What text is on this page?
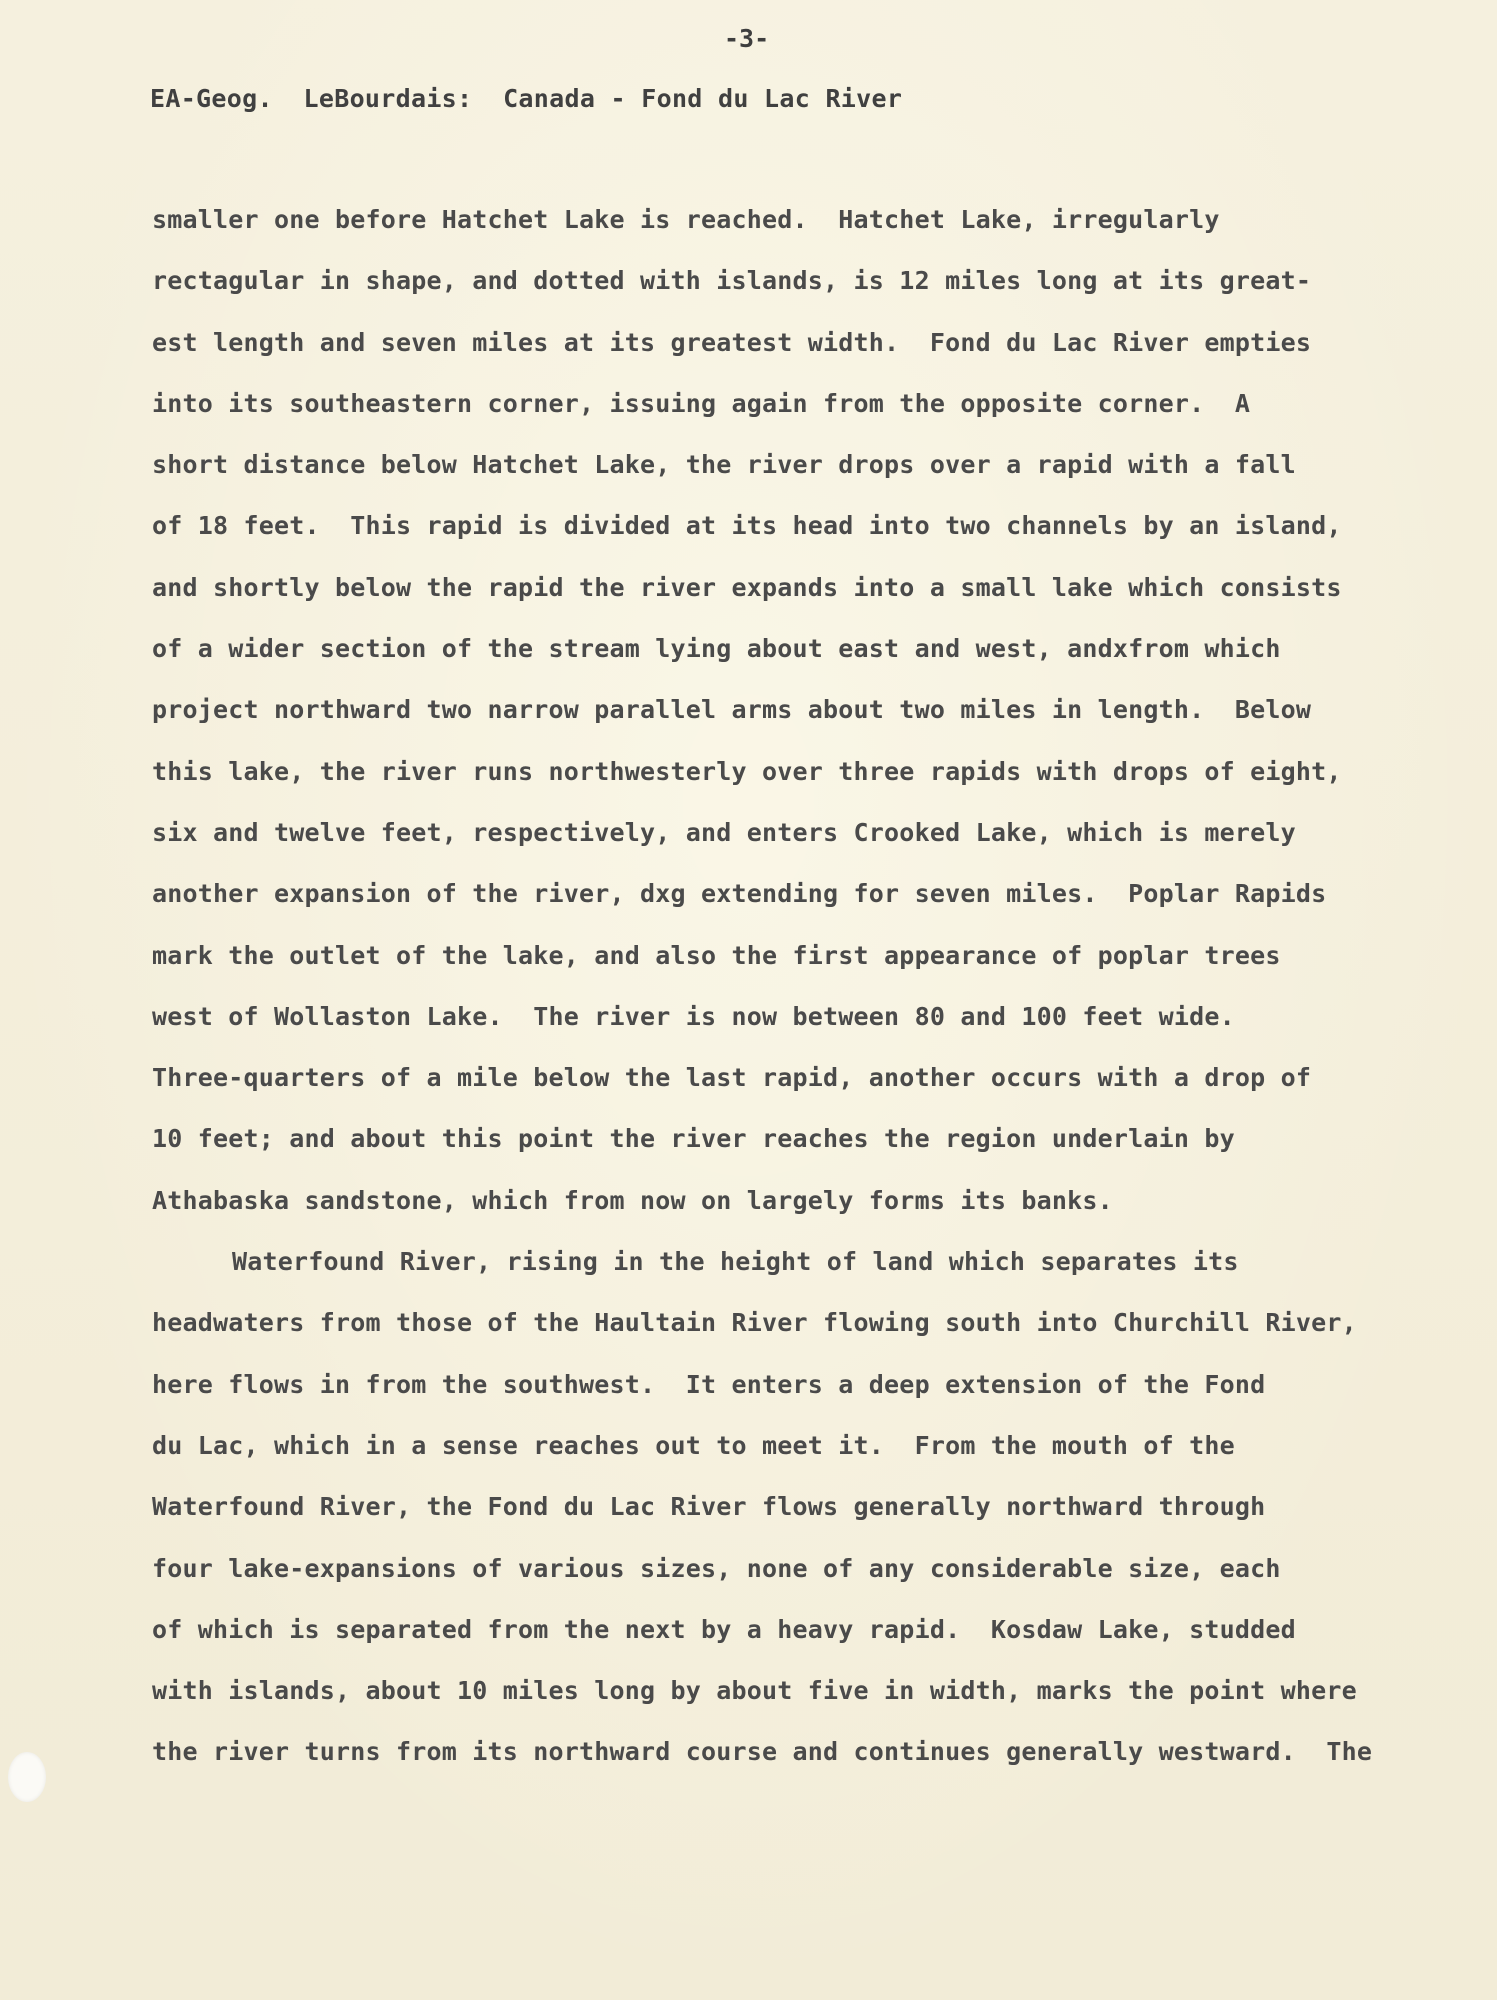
-3-
EA-Geog.  LeBourdais:  Canada - Fond du Lac River
smaller one before Hatchet Lake is reached.  Hatchet Lake, irregularly
rectagular in shape, and dotted with islands, is 12 miles long at its great-
est length and seven miles at its greatest width.  Fond du Lac River empties
into its southeastern corner, issuing again from the opposite corner.  A
short distance below Hatchet Lake, the river drops over a rapid with a fall
of 18 feet.  This rapid is divided at its head into two channels by an island,
and shortly below the rapid the river expands into a small lake which consists
of a wider section of the stream lying about east and west, andxfrom which
project northward two narrow parallel arms about two miles in length.  Below
this lake, the river runs northwesterly over three rapids with drops of eight,
six and twelve feet, respectively, and enters Crooked Lake, which is merely
another expansion of the river, dxg extending for seven miles.  Poplar Rapids
mark the outlet of the lake, and also the first appearance of poplar trees
west of Wollaston Lake.  The river is now between 80 and 100 feet wide.
Three-quarters of a mile below the last rapid, another occurs with a drop of
10 feet; and about this point the river reaches the region underlain by
Athabaska sandstone, which from now on largely forms its banks.
Waterfound River, rising in the height of land which separates its
headwaters from those of the Haultain River flowing south into Churchill River,
here flows in from the southwest.  It enters a deep extension of the Fond
du Lac, which in a sense reaches out to meet it.  From the mouth of the
Waterfound River, the Fond du Lac River flows generally northward through
four lake-expansions of various sizes, none of any considerable size, each
of which is separated from the next by a heavy rapid.  Kosdaw Lake, studded
with islands, about 10 miles long by about five in width, marks the point where
the river turns from its northward course and continues generally westward.  The
